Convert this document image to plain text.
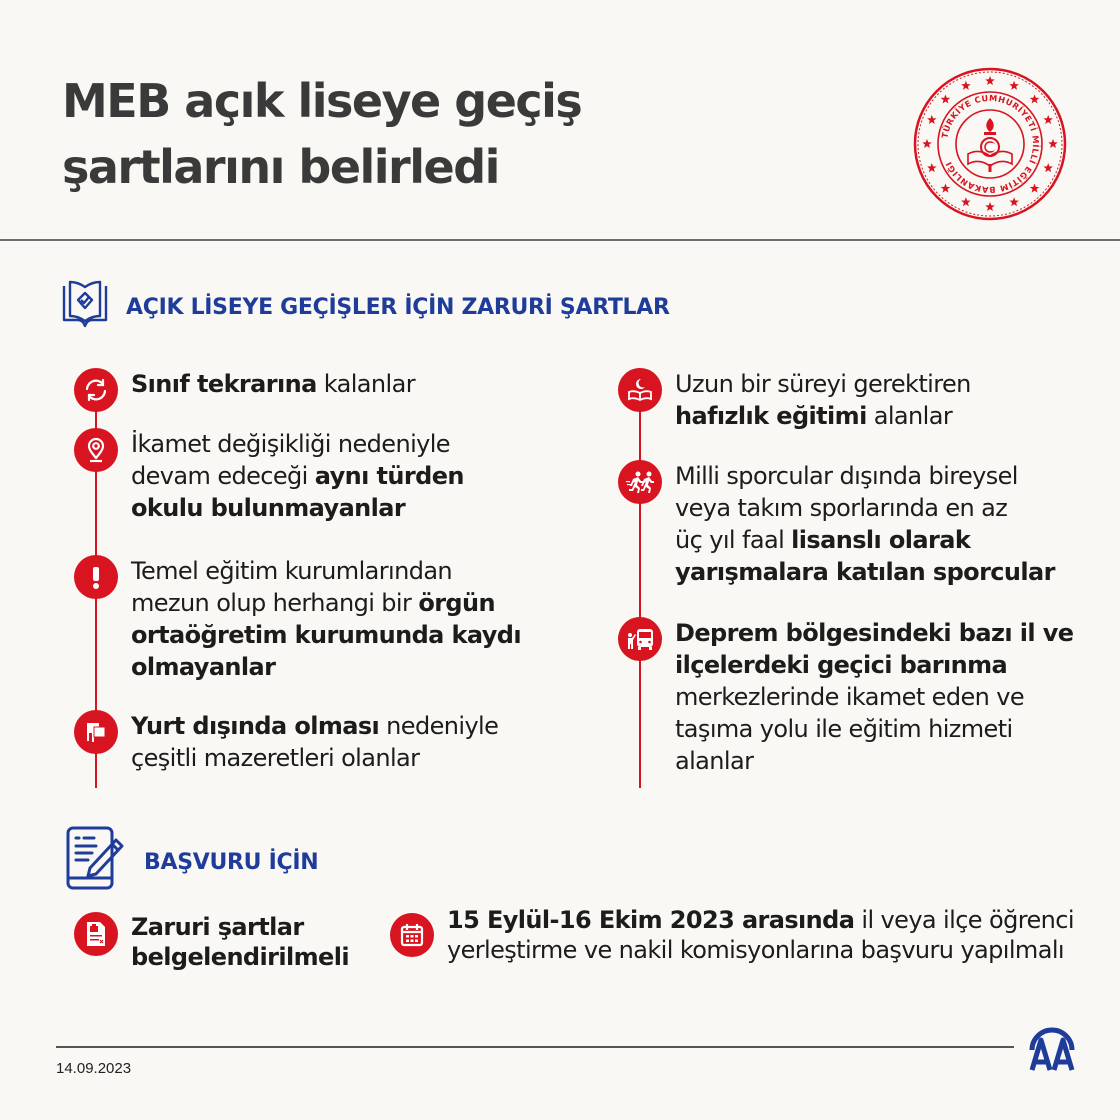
MEB açık liseye geçiş
şartlarını belirledi
TÜRKİYE CUMHURİYETİ MİLLİ EĞİTİM BAKANLIĞI
AÇIK LİSEYE GEÇİŞLER İÇİN ZARURİ ŞARTLAR
Sınıf tekrarına kalanlar
İkamet değişikliği nedeniyle
devam edeceği aynı türden
okulu bulunmayanlar
Temel eğitim kurumlarından
mezun olup herhangi bir örgün
ortaöğretim kurumunda kaydı
olmayanlar
Yurt dışında olması nedeniyle
çeşitli mazeretleri olanlar
Uzun bir süreyi gerektiren
hafızlık eğitimi alanlar
Milli sporcular dışında bireysel
veya takım sporlarında en az
üç yıl faal lisanslı olarak
yarışmalara katılan sporcular
Deprem bölgesindeki bazı il ve
ilçelerdeki geçici barınma
merkezlerinde ikamet eden ve
taşıma yolu ile eğitim hizmeti
alanlar
BAŞVURU İÇİN
Zaruri şartlar
belgelendirilmeli
15 Eylül-16 Ekim 2023 arasında il veya ilçe öğrenci
yerleştirme ve nakil komisyonlarına başvuru yapılmalı
14.09.2023
